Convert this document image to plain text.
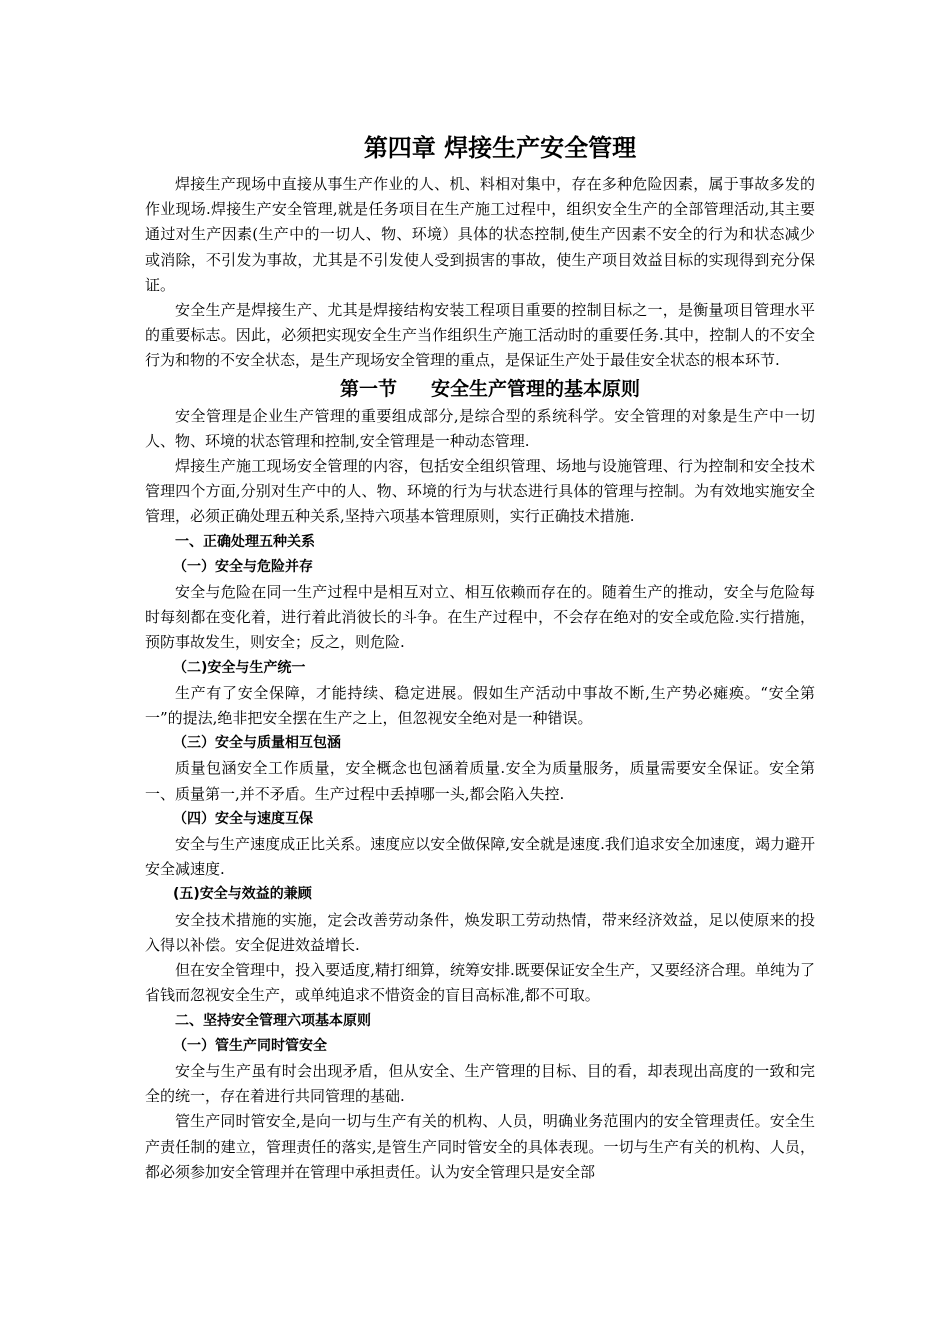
第四章 焊接生产安全管理

焊接生产现场中直接从事生产作业的人、机、料相对集中，存在多种危险因素，属于事故多发的作业现场.焊接生产安全管理,就是任务项目在生产施工过程中，组织安全生产的全部管理活动,其主要通过对生产因素(生产中的一切人、物、环境）具体的状态控制,使生产因素不安全的行为和状态减少或消除，不引发为事故，尤其是不引发使人受到损害的事故，使生产项目效益目标的实现得到充分保证。

安全生产是焊接生产、尤其是焊接结构安装工程项目重要的控制目标之一，是衡量项目管理水平的重要标志。因此，必须把实现安全生产当作组织生产施工活动时的重要任务.其中，控制人的不安全行为和物的不安全状态，是生产现场安全管理的重点，是保证生产处于最佳安全状态的根本环节.

第一节 安全生产管理的基本原则

安全管理是企业生产管理的重要组成部分,是综合型的系统科学。安全管理的对象是生产中一切人、物、环境的状态管理和控制,安全管理是一种动态管理.

焊接生产施工现场安全管理的内容，包括安全组织管理、场地与设施管理、行为控制和安全技术管理四个方面,分别对生产中的人、物、环境的行为与状态进行具体的管理与控制。为有效地实施安全管理，必须正确处理五种关系,坚持六项基本管理原则，实行正确技术措施.

一、正确处理五种关系
（一）安全与危险并存

安全与危险在同一生产过程中是相互对立、相互依赖而存在的。随着生产的推动，安全与危险每时每刻都在变化着，进行着此消彼长的斗争。在生产过程中，不会存在绝对的安全或危险.实行措施，预防事故发生，则安全；反之，则危险.

（二)安全与生产统一

生产有了安全保障，才能持续、稳定进展。假如生产活动中事故不断,生产势必瘫痪。“安全第一”的提法,绝非把安全摆在生产之上，但忽视安全绝对是一种错误。

（三）安全与质量相互包涵

质量包涵安全工作质量，安全概念也包涵着质量.安全为质量服务，质量需要安全保证。安全第一、质量第一,并不矛盾。生产过程中丢掉哪一头,都会陷入失控.

（四）安全与速度互保

安全与生产速度成正比关系。速度应以安全做保障,安全就是速度.我们追求安全加速度，竭力避开安全减速度.

(五)安全与效益的兼顾

安全技术措施的实施，定会改善劳动条件，焕发职工劳动热情，带来经济效益，足以使原来的投入得以补偿。安全促进效益增长.

但在安全管理中，投入要适度,精打细算，统筹安排.既要保证安全生产，又要经济合理。单纯为了省钱而忽视安全生产，或单纯追求不惜资金的盲目高标准,都不可取。

二、坚持安全管理六项基本原则
（一）管生产同时管安全

安全与生产虽有时会出现矛盾，但从安全、生产管理的目标、目的看，却表现出高度的一致和完全的统一，存在着进行共同管理的基础.

管生产同时管安全,是向一切与生产有关的机构、人员，明确业务范围内的安全管理责任。安全生产责任制的建立，管理责任的落实,是管生产同时管安全的具体表现。一切与生产有关的机构、人员，都必须参加安全管理并在管理中承担责任。认为安全管理只是安全部
